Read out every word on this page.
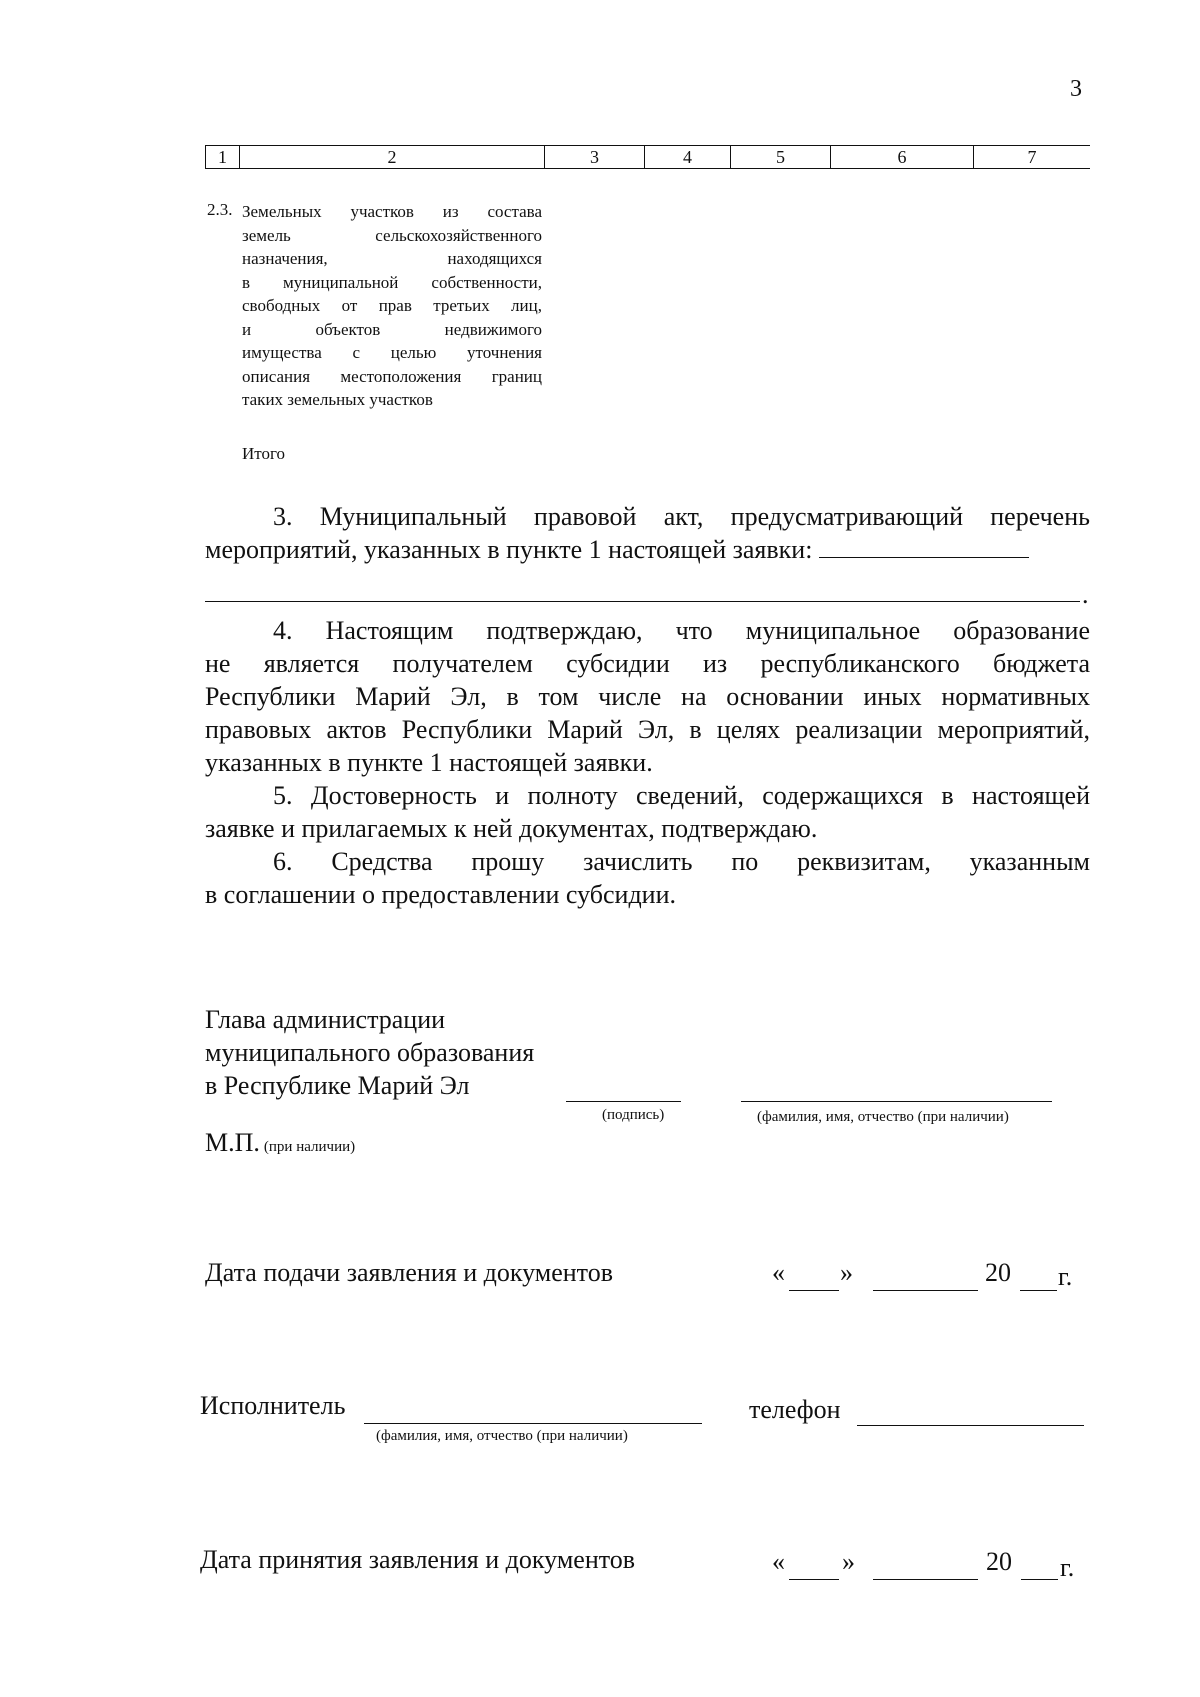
3
1	2	3	4	5	6	7
2.3. Земельных участков из состава
земель сельскохозяйственного
назначения, находящихся
в муниципальной собственности,
свободных от прав третьих лиц,
и объектов недвижимого
имущества с целью уточнения
описания местоположения границ
таких земельных участков
Итого
3. Муниципальный правовой акт, предусматривающий перечень
мероприятий, указанных в пункте 1 настоящей заявки:
.
4. Настоящим подтверждаю, что муниципальное образование
не является получателем субсидии из республиканского бюджета
Республики Марий Эл, в том числе на основании иных нормативных
правовых актов Республики Марий Эл, в целях реализации мероприятий,
указанных в пункте 1 настоящей заявки.
5. Достоверность и полноту сведений, содержащихся в настоящей
заявке и прилагаемых к ней документах, подтверждаю.
6. Средства прошу зачислить по реквизитам, указанным
в соглашении о предоставлении субсидии.
Глава администрации
муниципального образования
в Республике Марий Эл
(подпись)	(фамилия, имя, отчество (при наличии)
М.П. (при наличии)
Дата подачи заявления и документов	« »	20 г.
Исполнитель
(фамилия, имя, отчество (при наличии)
телефон
Дата принятия заявления и документов	« »	20 г.
